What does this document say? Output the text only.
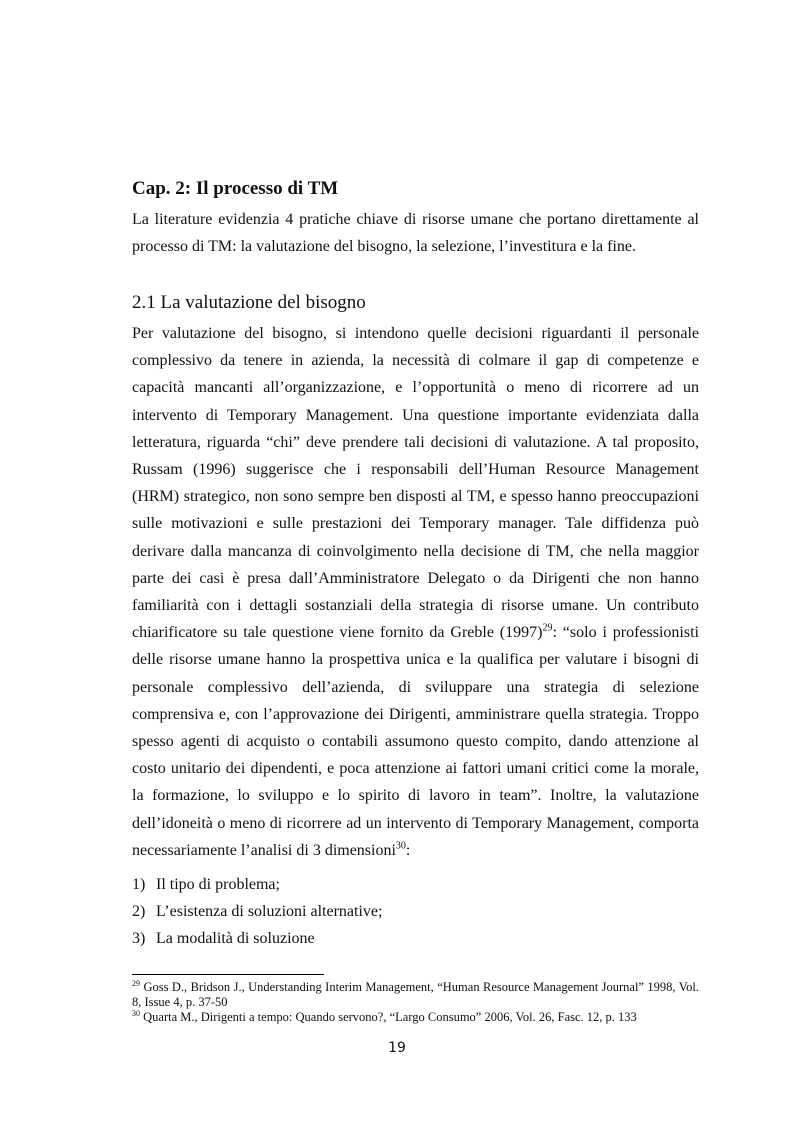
Cap. 2: Il processo di TM

La literature evidenzia 4 pratiche chiave di risorse umane che portano direttamente al processo di TM: la valutazione del bisogno, la selezione, l’investitura e la fine.

2.1 La valutazione del bisogno

Per valutazione del bisogno, si intendono quelle decisioni riguardanti il personale complessivo da tenere in azienda, la necessità di colmare il gap di competenze e capacità mancanti all’organizzazione, e l’opportunità o meno di ricorrere ad un intervento di Temporary Management. Una questione importante evidenziata dalla letteratura, riguarda “chi” deve prendere tali decisioni di valutazione. A tal proposito, Russam (1996) suggerisce che i responsabili dell’Human Resource Management (HRM) strategico, non sono sempre ben disposti al TM, e spesso hanno preoccupazioni sulle motivazioni e sulle prestazioni dei Temporary manager. Tale diffidenza può derivare dalla mancanza di coinvolgimento nella decisione di TM, che nella maggior parte dei casi è presa dall’Amministratore Delegato o da Dirigenti che non hanno familiarità con i dettagli sostanziali della strategia di risorse umane. Un contributo chiarificatore su tale questione viene fornito da Greble $(1997)^{29}$: “solo i professionisti delle risorse umane hanno la prospettiva unica e la qualifica per valutare i bisogni di personale complessivo dell’azienda, di sviluppare una strategia di selezione comprensiva e, con l’approvazione dei Dirigenti, amministrare quella strategia. Troppo spesso agenti di acquisto o contabili assumono questo compito, dando attenzione al costo unitario dei dipendenti, e poca attenzione ai fattori umani critici come la morale, la formazione, lo sviluppo e lo spirito di lavoro in team”. Inoltre, la valutazione dell’idoneità o meno di ricorrere ad un intervento di Temporary Management, comporta necessariamente l’analisi di 3 dimensioni$^{30}$:

1) Il tipo di problema;
2) L’esistenza di soluzioni alternative;
3) La modalità di soluzione

$^{29}$ Goss D., Bridson J., Understanding Interim Management, “Human Resource Management Journal” 1998, Vol. 8, Issue 4, p. 37-50

$^{30}$ Quarta M., Dirigenti a tempo: Quando servono?, “Largo Consumo” 2006, Vol. 26, Fasc. 12, p. 133

19
